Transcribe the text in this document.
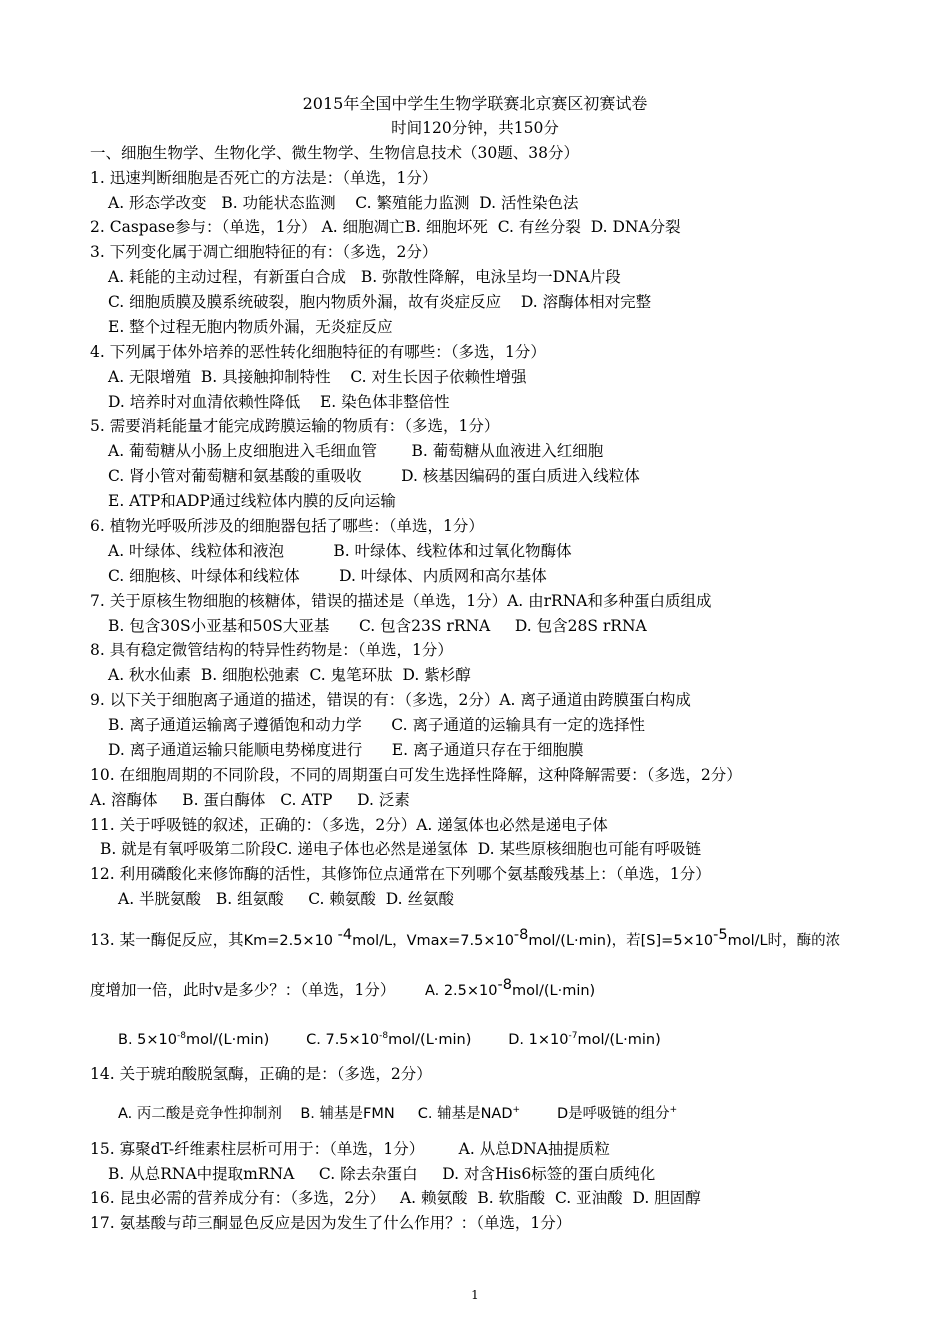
2015年全国中学生生物学联赛北京赛区初赛试卷
时间120分钟，共150分
一、细胞生物学、生物化学、微生物学、生物信息技术（30题、38分）
1. 迅速判断细胞是否死亡的方法是：（单选，1分）
A. 形态学改变   B. 功能状态监测    C. 繁殖能力监测  D. 活性染色法
2. Caspase参与：（单选，1分） A. 细胞凋亡B. 细胞坏死  C. 有丝分裂  D. DNA分裂
3. 下列变化属于凋亡细胞特征的有：（多选，2分）
A. 耗能的主动过程，有新蛋白合成   B. 弥散性降解，电泳呈均一DNA片段
C. 细胞质膜及膜系统破裂，胞内物质外漏，故有炎症反应    D. 溶酶体相对完整
E. 整个过程无胞内物质外漏，无炎症反应
4. 下列属于体外培养的恶性转化细胞特征的有哪些：（多选，1分）
A. 无限增殖  B. 具接触抑制特性    C. 对生长因子依赖性增强
D. 培养时对血清依赖性降低    E. 染色体非整倍性
5. 需要消耗能量才能完成跨膜运输的物质有：（多选，1分）
A. 葡萄糖从小肠上皮细胞进入毛细血管       B. 葡萄糖从血液进入红细胞
C. 肾小管对葡萄糖和氨基酸的重吸收        D. 核基因编码的蛋白质进入线粒体
E. ATP和ADP通过线粒体内膜的反向运输
6. 植物光呼吸所涉及的细胞器包括了哪些：（单选，1分）
A. 叶绿体、线粒体和液泡          B. 叶绿体、线粒体和过氧化物酶体
C. 细胞核、叶绿体和线粒体        D. 叶绿体、内质网和高尔基体
7. 关于原核生物细胞的核糖体，错误的描述是（单选，1分）A. 由rRNA和多种蛋白质组成
B. 包含30S小亚基和50S大亚基      C. 包含23S rRNA     D. 包含28S rRNA
8. 具有稳定微管结构的特异性药物是：（单选，1分）
A. 秋水仙素  B. 细胞松弛素  C. 鬼笔环肽  D. 紫杉醇
9. 以下关于细胞离子通道的描述，错误的有：（多选，2分）A. 离子通道由跨膜蛋白构成
B. 离子通道运输离子遵循饱和动力学      C. 离子通道的运输具有一定的选择性
D. 离子通道运输只能顺电势梯度进行      E. 离子通道只存在于细胞膜
10. 在细胞周期的不同阶段，不同的周期蛋白可发生选择性降解，这种降解需要：（多选，2分）
A. 溶酶体     B. 蛋白酶体   C. ATP     D. 泛素
11. 关于呼吸链的叙述，正确的：（多选，2分）A. 递氢体也必然是递电子体
B. 就是有氧呼吸第二阶段C. 递电子体也必然是递氢体  D. 某些原核细胞也可能有呼吸链
12. 利用磷酸化来修饰酶的活性，其修饰位点通常在下列哪个氨基酸残基上：（单选，1分）
A. 半胱氨酸   B. 组氨酸     C. 赖氨酸  D. 丝氨酸
13. 某一酶促反应，其Km=2.5×10 $^{-4}$mol/L，$Vmax=7.5\times 10^{-8}mol/(L\cdot\min)$，若$[S]=5\times 10^{-5}mol/L$时，酶的浓
度增加一倍，此时v是多少？：（单选，1分） A. $2.5\times 10^{-8}mol/(L\cdot\min)$
B. $5\times 10^{-8}mol/(L\cdot\min)$	C. $7.5\times 10^{-8}mol/(L\cdot\min)$	D. $1\times 10^{-7}mol/(L\cdot\min)$
14. 关于琥珀酸脱氢酶，正确的是：（多选，2分）
A. 丙二酸是竞争性抑制剂    B. 辅基是FMN     C. 辅基是NAD+	D是呼吸链的组分+
15. 寡聚dT-纤维素柱层析可用于：（单选，1分）       A. 从总DNA抽提质粒
B. 从总RNA中提取mRNA     C. 除去杂蛋白     D. 对含His6标签的蛋白质纯化
16. 昆虫必需的营养成分有：（多选，2分）   A. 赖氨酸  B. 软脂酸  C. 亚油酸  D. 胆固醇
17. 氨基酸与茚三酮显色反应是因为发生了什么作用？：（单选，1分）
1
